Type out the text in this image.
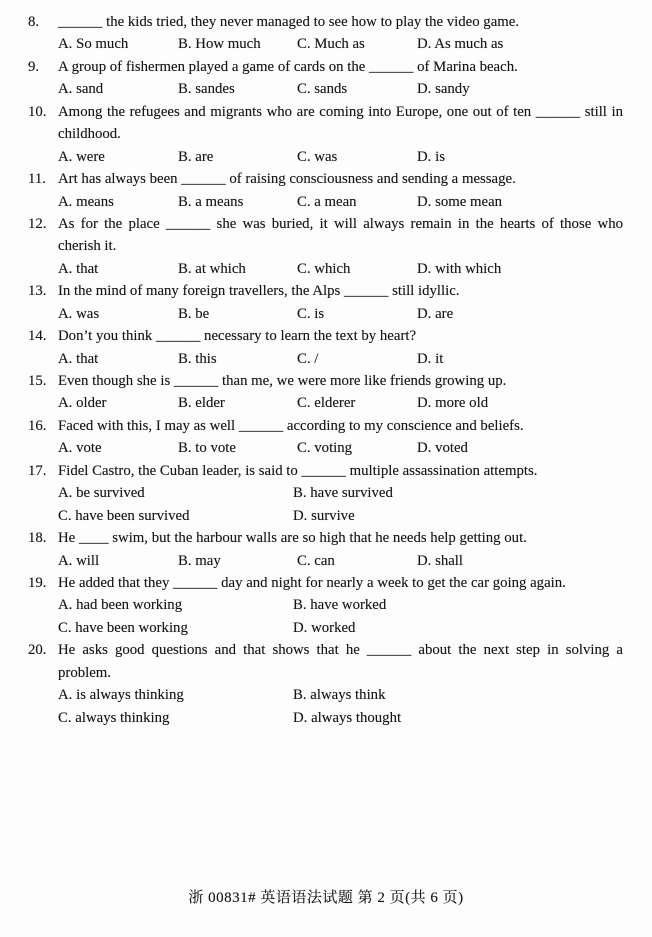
8.	______ the kids tried, they never managed to see how to play the video game.
A. So much	B. How much	C. Much as	D. As much as
9.	A group of fishermen played a game of cards on the ______ of Marina beach.
A. sand	B. sandes	C. sands	D. sandy
10. Among the refugees and migrants who are coming into Europe, one out of ten ______ still in
childhood.
A. were	B. are	C. was	D. is
11. Art has always been ______ of raising consciousness and sending a message.
A. means	B. a means	C. a mean	D. some mean
12. As for the place ______ she was buried, it will always remain in the hearts of those who
cherish it.
A. that	B. at which	C. which	D. with which
13. In the mind of many foreign travellers, the Alps ______ still idyllic.
A. was	B. be	C. is	D. are
14. Don’t you think ______ necessary to learn the text by heart?
A. that	B. this	C. /	D. it
15. Even though she is ______ than me, we were more like friends growing up.
A. older	B. elder	C. elderer	D. more old
16. Faced with this, I may as well ______ according to my conscience and beliefs.
A. vote	B. to vote	C. voting	D. voted
17. Fidel Castro, the Cuban leader, is said to ______ multiple assassination attempts.
A. be survived	B. have survived
C. have been survived	D. survive
18. He ____ swim, but the harbour walls are so high that he needs help getting out.
A. will	B. may	C. can	D. shall
19. He added that they ______ day and night for nearly a week to get the car going again.
A. had been working	B. have worked
C. have been working	D. worked
20. He asks good questions and that shows that he ______ about the next step in solving a
problem.
A. is always thinking	B. always think
C. always thinking	D. always thought
浙 00831# 英语语法试题 第 2 页(共 6 页)
